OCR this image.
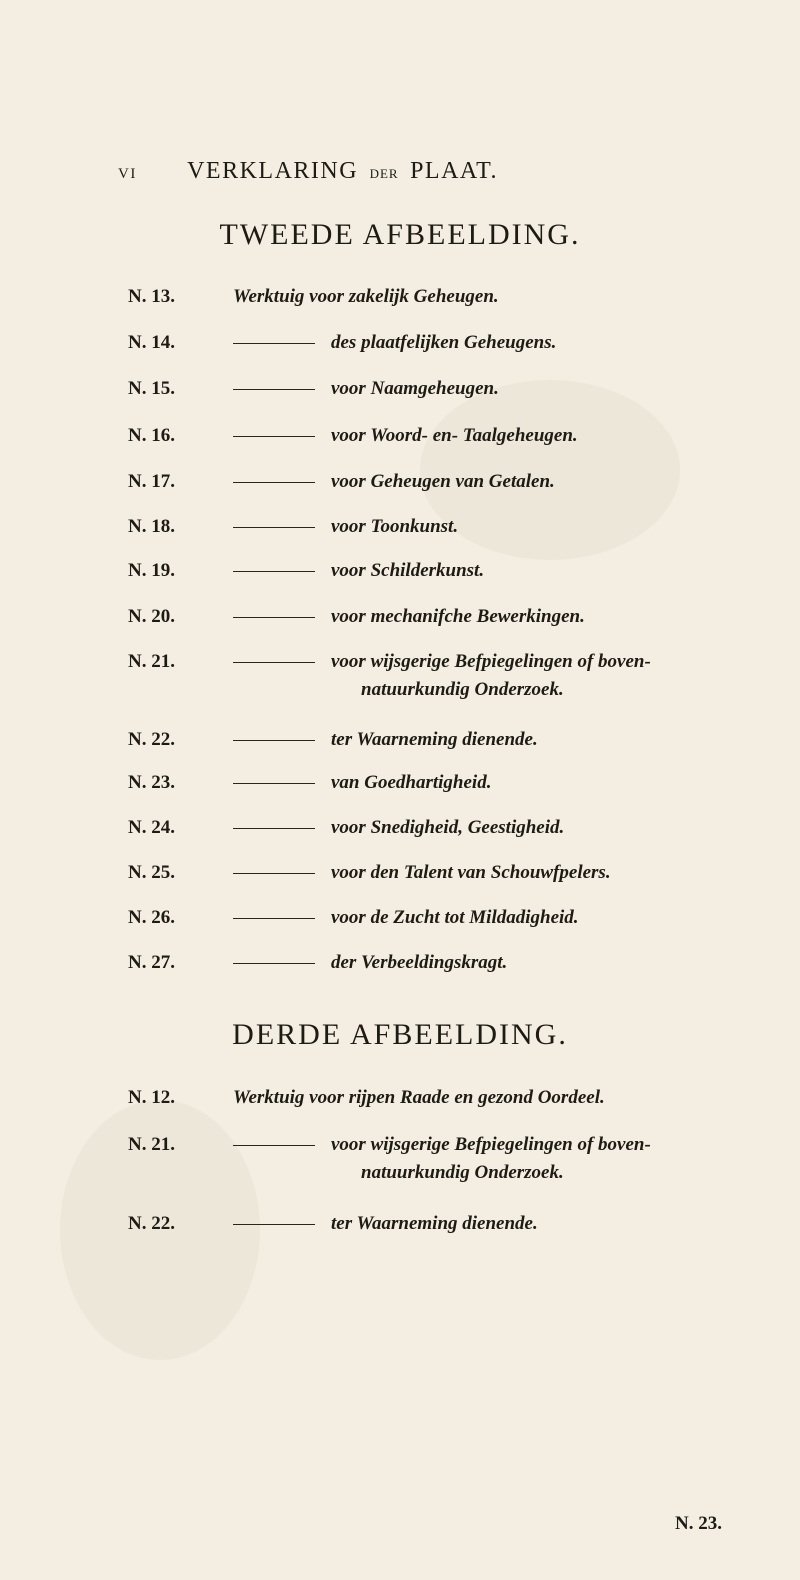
VI VERKLARING DER PLAAT.
TWEEDE AFBEELDING.
N. 13.	Werktuig voor zakelijk Geheugen.
N. 14.	des plaatfelijken Geheugens.
N. 15.	voor Naamgeheugen.
N. 16.	voor Woord- en- Taalgeheugen.
N. 17.	voor Geheugen van Getalen.
N. 18.	voor Toonkunst.
N. 19.	voor Schilderkunst.
N. 20.	voor mechanifche Bewerkingen.
N. 21.	voor wijsgerige Befpiegelingen of boven-
natuurkundig Onderzoek.
N. 22.	ter Waarneming dienende.
N. 23.	van Goedhartigheid.
N. 24.	voor Snedigheid, Geestigheid.
N. 25.	voor den Talent van Schouwfpelers.
N. 26.	voor de Zucht tot Mildadigheid.
N. 27.	der Verbeeldingskragt.
DERDE AFBEELDING.
N. 12.	Werktuig voor rijpen Raade en gezond Oordeel.
N. 21.	voor wijsgerige Befpiegelingen of boven-
natuurkundig Onderzoek.
N. 22.	ter Waarneming dienende.
N. 23.
